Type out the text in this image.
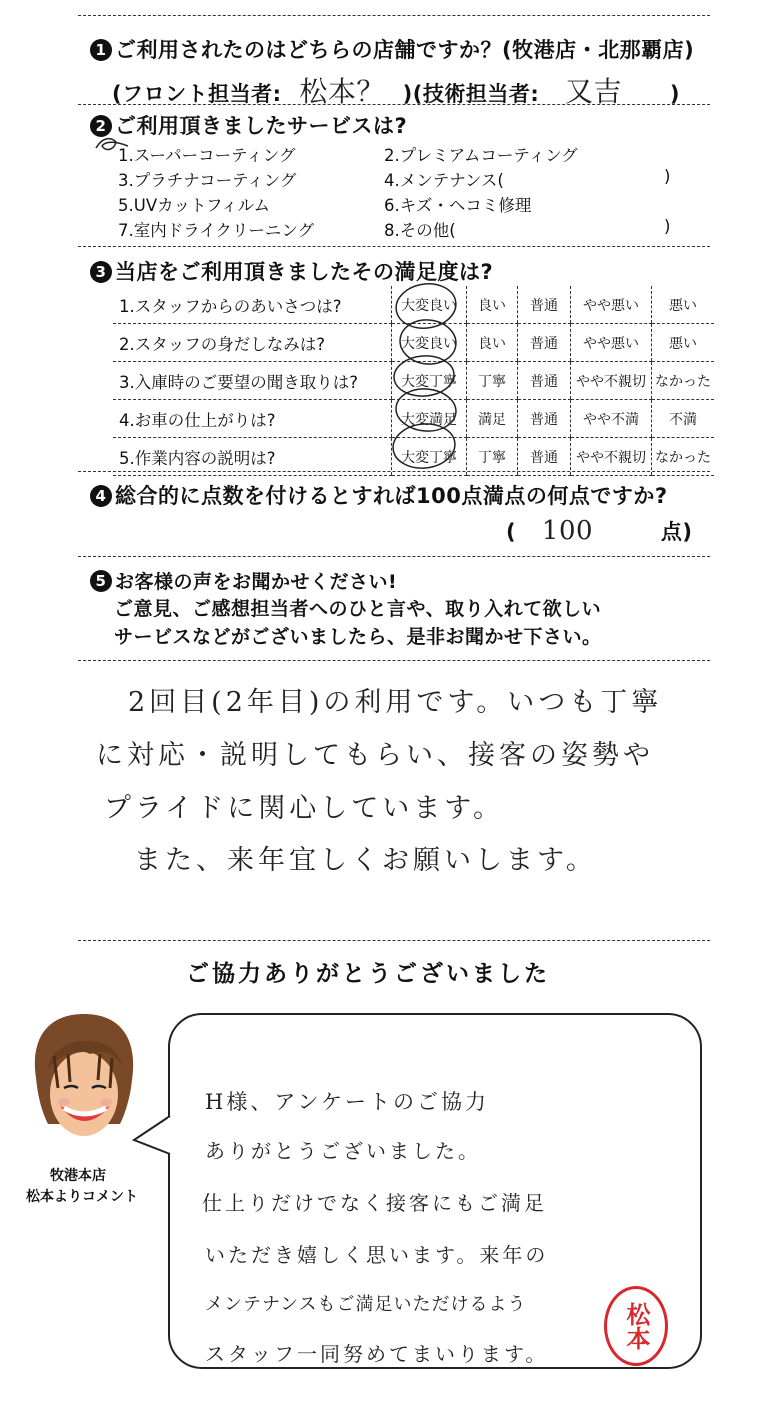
1 ご利用されたのはどちらの店舗ですか？(牧港店・北那覇店)
(フロント担当者: 松本？ )(技術担当者: 又吉 )
2 ご利用頂きましたサービスは?
1.スーパーコーティング	2.プレミアムコーティング
3.プラチナコーティング	4.メンテナンス(	)
5.UVカットフィルム	6.キズ・ヘコミ修理
7.室内ドライクリーニング	8.その他(	)
3 当店をご利用頂きましたその満足度は?
1.スタッフからのあいさつは?	大変良い	良い	普通	やや悪い	悪い
2.スタッフの身だしなみは?	大変良い	良い	普通	やや悪い	悪い
3.入庫時のご要望の聞き取りは?	大変丁寧	丁寧	普通	やや不親切	なかった
4.お車の仕上がりは?	大変満足	満足	普通	やや不満	不満
5.作業内容の説明は?	大変丁寧	丁寧	普通	やや不親切	なかった
4 総合的に点数を付けるとすれば100点満点の何点ですか?
( 100	点)
5 お客様の声をお聞かせください!
ご意見、ご感想担当者へのひと言や、取り入れて欲しい
サービスなどがございましたら、是非お聞かせ下さい。
2回目(2年目)の利用です。いつも丁寧
に対応・説明してもらい、接客の姿勢や
プライドに関心しています。
また、来年宜しくお願いします。
ご協力ありがとうございました
牧港本店
松本よりコメント
H様、アンケートのご協力
ありがとうございました。
仕上りだけでなく接客にもご満足
いただき嬉しく思います。来年の
メンテナンスもご満足いただけるよう
スタッフ一同努めてまいります。
松本
